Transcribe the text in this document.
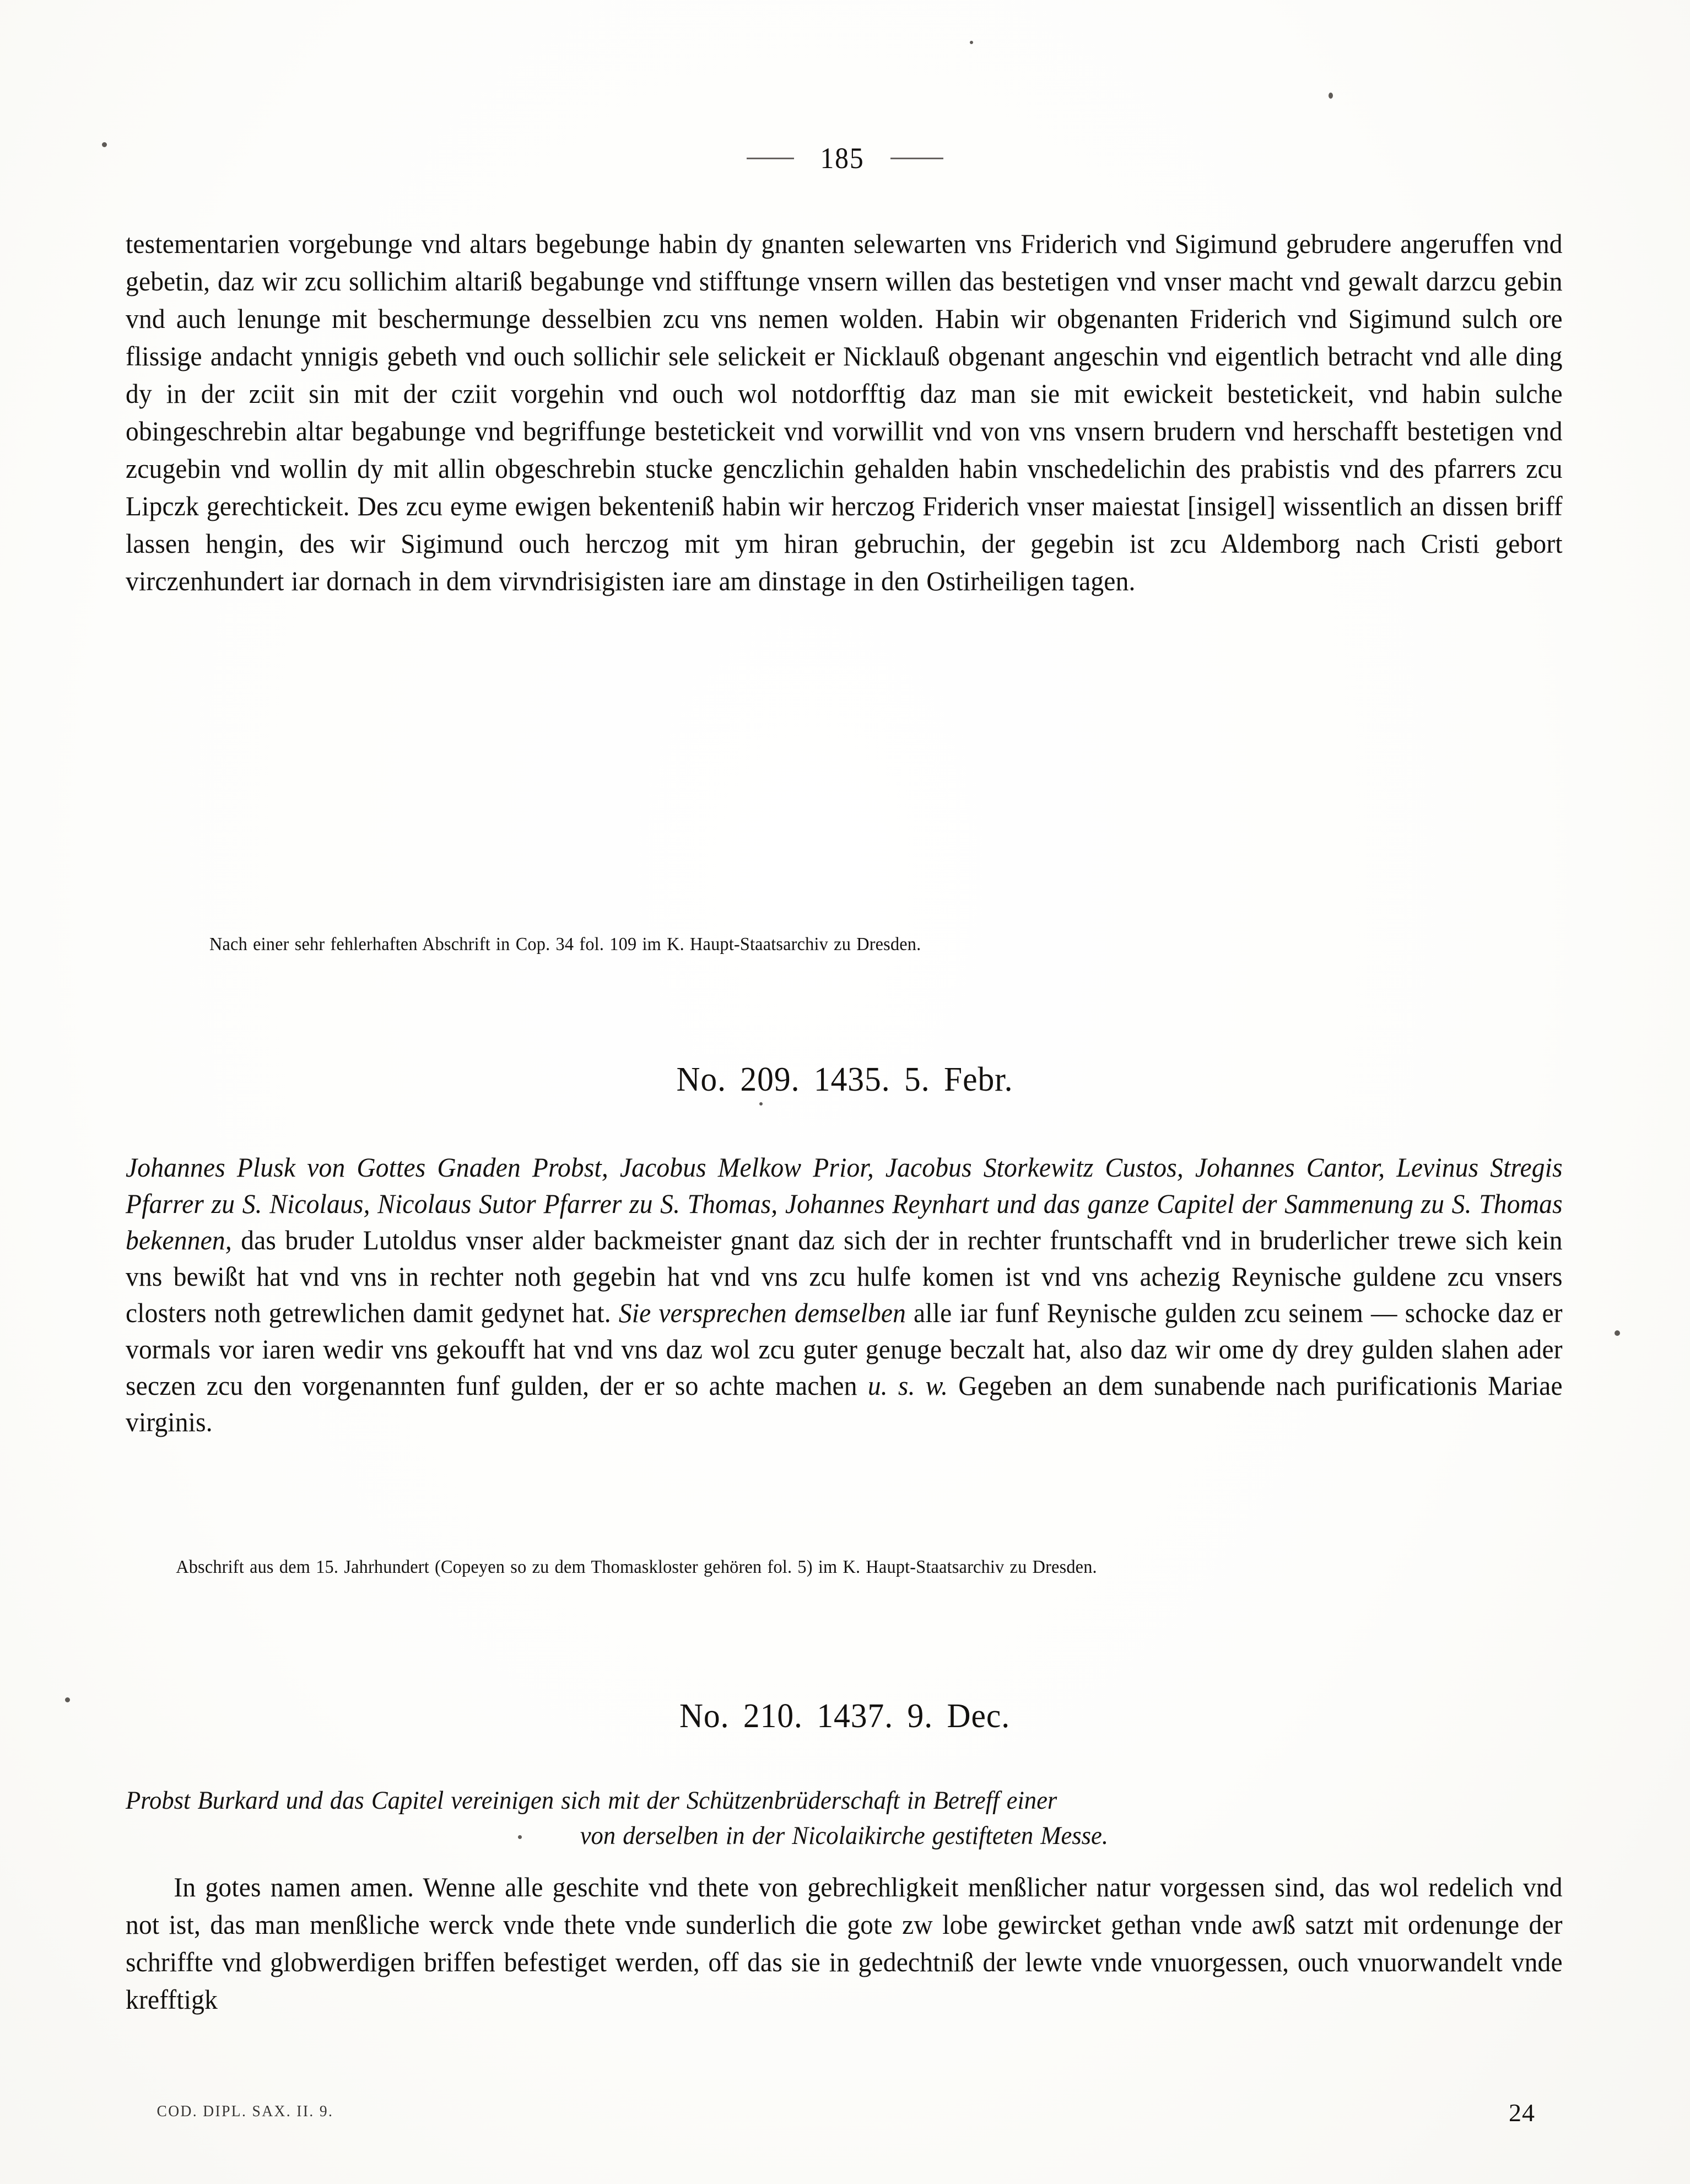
185
testementarien vorgebunge vnd altars begebunge habin dy gnanten selewarten vns Friderich vnd Sigimund gebrudere angeruffen vnd gebetin, daz wir zcu sollichim altariß begabunge vnd stifftunge vnsern willen das bestetigen vnd vnser macht vnd gewalt darzcu gebin vnd auch lenunge mit beschermunge desselbien zcu vns nemen wolden. Habin wir obgenanten Friderich vnd Sigimund sulch ore flissige andacht ynnigis gebeth vnd ouch sollichir sele selickeit er Nicklauß obgenant angeschin vnd eigentlich betracht vnd alle ding dy in der zciit sin mit der cziit vorgehin vnd ouch wol notdorfftig daz man sie mit ewickeit bestetickeit, vnd habin sulche obingeschrebin altar begabunge vnd begriffunge bestetickeit vnd vorwillit vnd von vns vnsern brudern vnd herschafft bestetigen vnd zcugebin vnd wollin dy mit allin obgeschrebin stucke genczlichin gehalden habin vnschedelichin des prabistis vnd des pfarrers zcu Lipczk gerechtickeit. Des zcu eyme ewigen bekenteniß habin wir herczog Friderich vnser maiestat [insigel] wissentlich an dissen briff lassen hengin, des wir Sigimund ouch herczog mit ym hiran gebruchin, der gegebin ist zcu Aldemborg nach Cristi gebort virczenhundert iar dornach in dem virvndrisigisten iare am dinstage in den Ostirheiligen tagen.
Nach einer sehr fehlerhaften Abschrift in Cop. 34 fol. 109 im K. Haupt-Staatsarchiv zu Dresden.
No. 209. 1435. 5. Febr.
Johannes Plusk von Gottes Gnaden Probst, Jacobus Melkow Prior, Jacobus Storkewitz Custos, Johannes Cantor, Levinus Stregis Pfarrer zu S. Nicolaus, Nicolaus Sutor Pfarrer zu S. Thomas, Johannes Reynhart und das ganze Capitel der Sammenung zu S. Thomas bekennen, das bruder Lutoldus vnser alder backmeister gnant daz sich der in rechter fruntschafft vnd in bruderlicher trewe sich kein vns bewißt hat vnd vns in rechter noth gegebin hat vnd vns zcu hulfe komen ist vnd vns achezig Reynische guldene zcu vnsers closters noth getrewlichen damit gedynet hat. Sie versprechen demselben alle iar funf Reynische gulden zcu seinem — schocke daz er vormals vor iaren wedir vns gekoufft hat vnd vns daz wol zcu guter genuge beczalt hat, also daz wir ome dy drey gulden slahen ader seczen zcu den vorgenannten funf gulden, der er so achte machen u. s. w. Gegeben an dem sunabende nach purificationis Mariae virginis.
Abschrift aus dem 15. Jahrhundert (Copeyen so zu dem Thomaskloster gehören fol. 5) im K. Haupt-Staatsarchiv zu Dresden.
No. 210. 1437. 9. Dec.
Probst Burkard und das Capitel vereinigen sich mit der Schützenbrüderschaft in Betreff einer
von derselben in der Nicolaikirche gestifteten Messe.
In gotes namen amen. Wenne alle geschite vnd thete von gebrechligkeit menßlicher natur vorgessen sind, das wol redelich vnd not ist, das man menßliche werck vnde thete vnde sunderlich die gote zw lobe gewircket gethan vnde awß satzt mit ordenunge der schriffte vnd globwerdigen briffen befestiget werden, off das sie in gedechtniß der lewte vnde vnuorgessen, ouch vnuorwandelt vnde krefftigk
COD. DIPL. SAX. II. 9.	24
